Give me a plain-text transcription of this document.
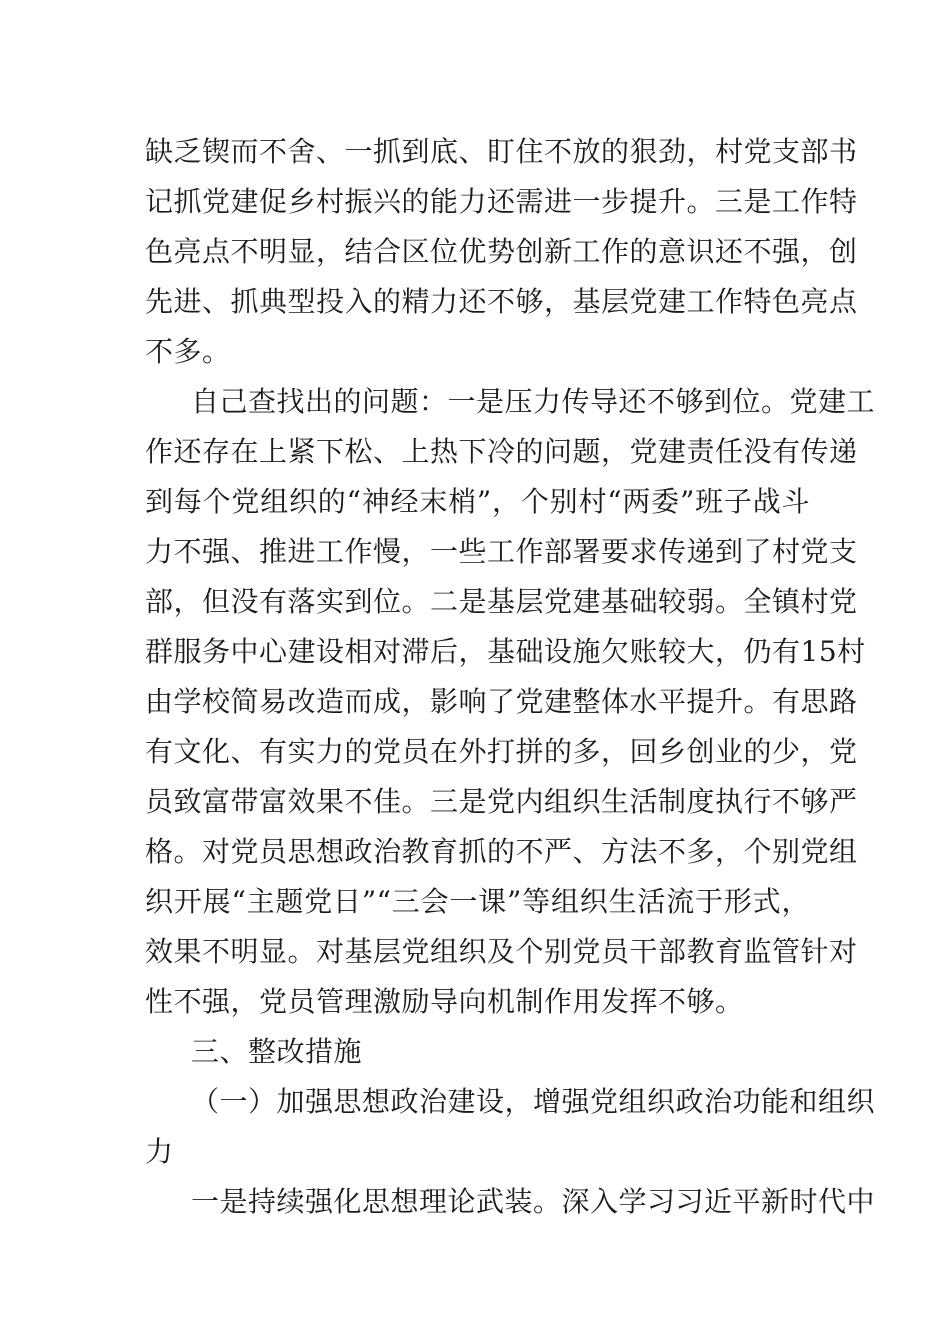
缺乏锲而不舍、一抓到底、盯住不放的狠劲，村党支部书
记抓党建促乡村振兴的能力还需进一步提升。三是工作特
色亮点不明显，结合区位优势创新工作的意识还不强，创
先进、抓典型投入的精力还不够，基层党建工作特色亮点
不多。
自己查找出的问题：一是压力传导还不够到位。党建工
作还存在上紧下松、上热下冷的问题，党建责任没有传递
到每个党组织的“神经末梢”，个别村“两委”班子战斗
力不强、推进工作慢，一些工作部署要求传递到了村党支
部，但没有落实到位。二是基层党建基础较弱。全镇村党
群服务中心建设相对滞后，基础设施欠账较大，仍有15村
由学校简易改造而成，影响了党建整体水平提升。有思路
有文化、有实力的党员在外打拼的多，回乡创业的少，党
员致富带富效果不佳。三是党内组织生活制度执行不够严
格。对党员思想政治教育抓的不严、方法不多，个别党组
织开展“主题党日”“三会一课”等组织生活流于形式，
效果不明显。对基层党组织及个别党员干部教育监管针对
性不强，党员管理激励导向机制作用发挥不够。
三、整改措施
（一）加强思想政治建设，增强党组织政治功能和组织
力
一是持续强化思想理论武装。深入学习习近平新时代中
